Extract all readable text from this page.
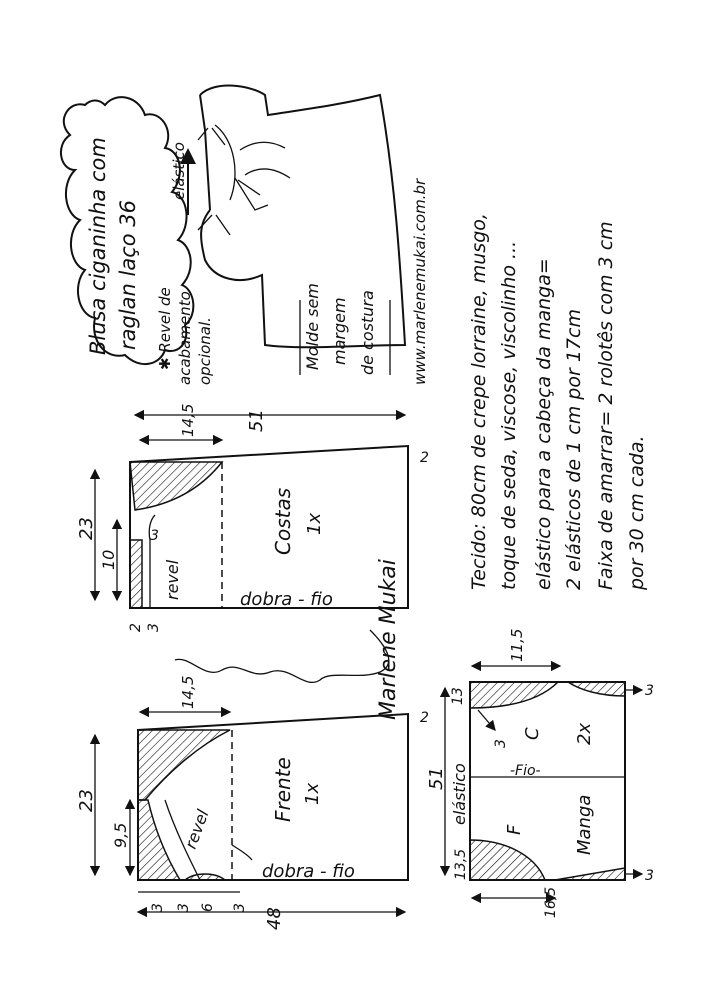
Blusa ciganinha com raglan laço 36 ✱ Revel de acabamento opcional.
elástico
Molde sem margem de costura www.marlenemukai.com.br Tecido: 80cm de crepe lorraine, musgo, toque de seda, viscose, viscolinho ... elástico para a cabeça da manga= 2 elásticos de 1 cm por 17cm Faixa de amarrar= 2 rolotês com 3 cm por 30 cm cada.
Costas 1x
revel	dobra - fio
23
10
14,5	51
3
2
2 3	Marlene Mukai
Frente 1x
revel
dobra - fio
23
9,5
14,5
48
3 3 6 3
2
elástico
C
F
-Fio-
Manga
2x
51
11,5
13
3
13,5
16,5
3
3
